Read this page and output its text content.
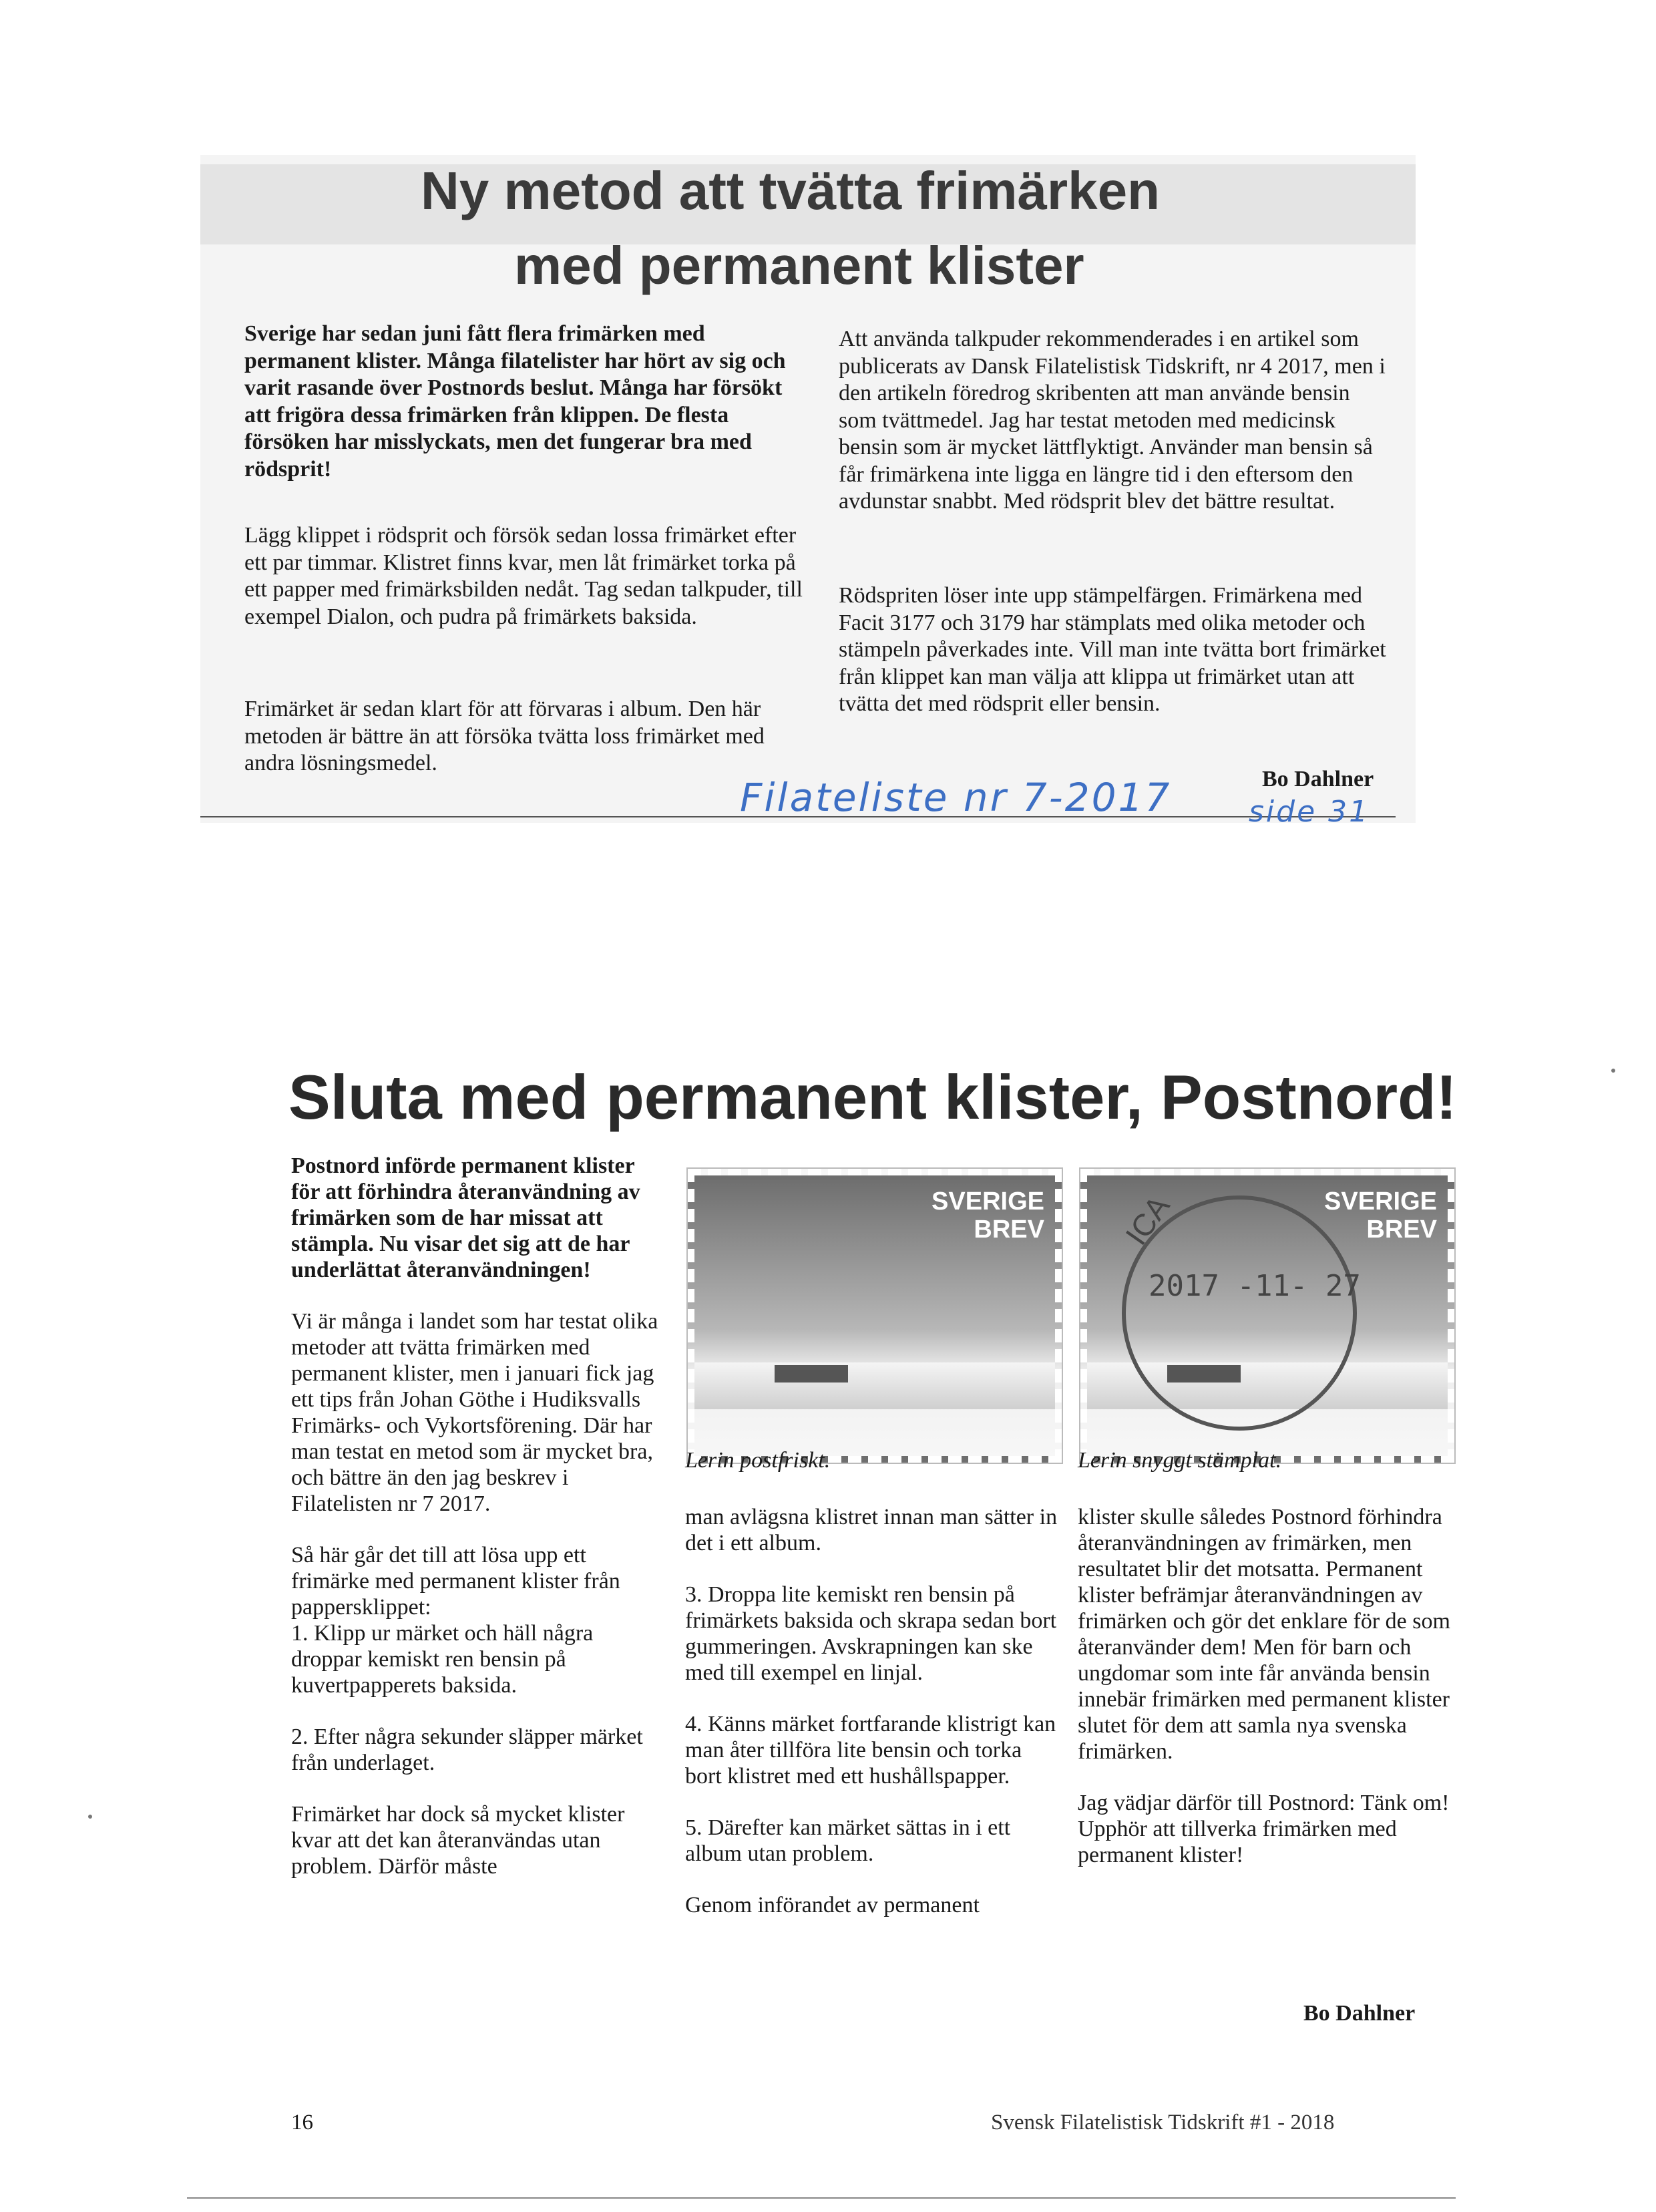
Ny metod att tvätta frimärken
med permanent klister
Sverige har sedan juni fått flera frimärken med permanent klister. Många filatelister har hört av sig och varit rasande över Postnords beslut. Många har försökt att frigöra dessa frimärken från klippen. De flesta försöken har misslyckats, men det fungerar bra med rödsprit!
Lägg klippet i rödsprit och försök sedan lossa frimärket efter ett par timmar. Klistret finns kvar, men låt frimärket torka på ett papper med frimärksbilden nedåt. Tag sedan talkpuder, till exempel Dialon, och pudra på frimärkets baksida.
Frimärket är sedan klart för att förvaras i album. Den här metoden är bättre än att försöka tvätta loss frimärket med andra lösningsmedel.
Att använda talkpuder rekommenderades i en artikel som publicerats av Dansk Filatelistisk Tidskrift, nr 4 2017, men i den artikeln föredrog skribenten att man använde bensin som tvättmedel. Jag har testat metoden med medicinsk bensin som är mycket lättflyktigt. Använder man bensin så får frimärkena inte ligga en längre tid i den eftersom den avdunstar snabbt. Med rödsprit blev det bättre resultat.
Rödspriten löser inte upp stämpelfärgen. Frimärkena med Facit 3177 och 3179 har stämplats med olika metoder och stämpeln påverkades inte. Vill man inte tvätta bort frimärket från klippet kan man välja att klippa ut frimärket utan att tvätta det med rödsprit eller bensin.
Filateliste nr 7-2017	Bo Dahlner
side 31
Sluta med permanent klister, Postnord!

Postnord införde permanent klister för att förhindra återanvändning av frimärken som de har missat att stämpla. Nu visar det sig att de har underlättat återanvändningen!

Vi är många i landet som har testat olika metoder att tvätta frimärken med permanent klister, men i januari fick jag ett tips från Johan Göthe i Hudiksvalls Frimärks- och Vykortsförening. Där har man testat en metod som är mycket bra, och bättre än den jag beskrev i Filatelisten nr 7 2017.

Så här går det till att lösa upp ett frimärke med permanent klister från pappersklippet:
1. Klipp ur märket och häll några droppar kemiskt ren bensin på kuvertpapperets baksida.

2. Efter några sekunder släpper märket från underlaget.

Frimärket har dock så mycket klister kvar att det kan återanvändas utan problem. Därför måste

SVERIGE
BREV
Lerin postfriskt.
SVERIGE
BREV
ICA
2017 -11- 27
Lerin snyggt stämplat.

man avlägsna klistret innan man sätter in det i ett album.

3. Droppa lite kemiskt ren bensin på frimärkets baksida och skrapa sedan bort gummeringen. Avskrapningen kan ske med till exempel en linjal.

4. Känns märket fortfarande klistrigt kan man åter tillföra lite bensin och torka bort klistret med ett hushållspapper.

5. Därefter kan märket sättas in i ett album utan problem.

Genom införandet av permanent

klister skulle således Postnord förhindra återanvändningen av frimärken, men resultatet blir det motsatta. Permanent klister befrämjar återanvändningen av frimärken och gör det enklare för de som återanvänder dem! Men för barn och ungdomar som inte får använda bensin innebär frimärken med permanent klister slutet för dem att samla nya svenska frimärken.

Jag vädjar därför till Postnord: Tänk om! Upphör att tillverka frimärken med permanent klister!

Bo Dahlner
16	Svensk Filatelistisk Tidskrift #1 - 2018
